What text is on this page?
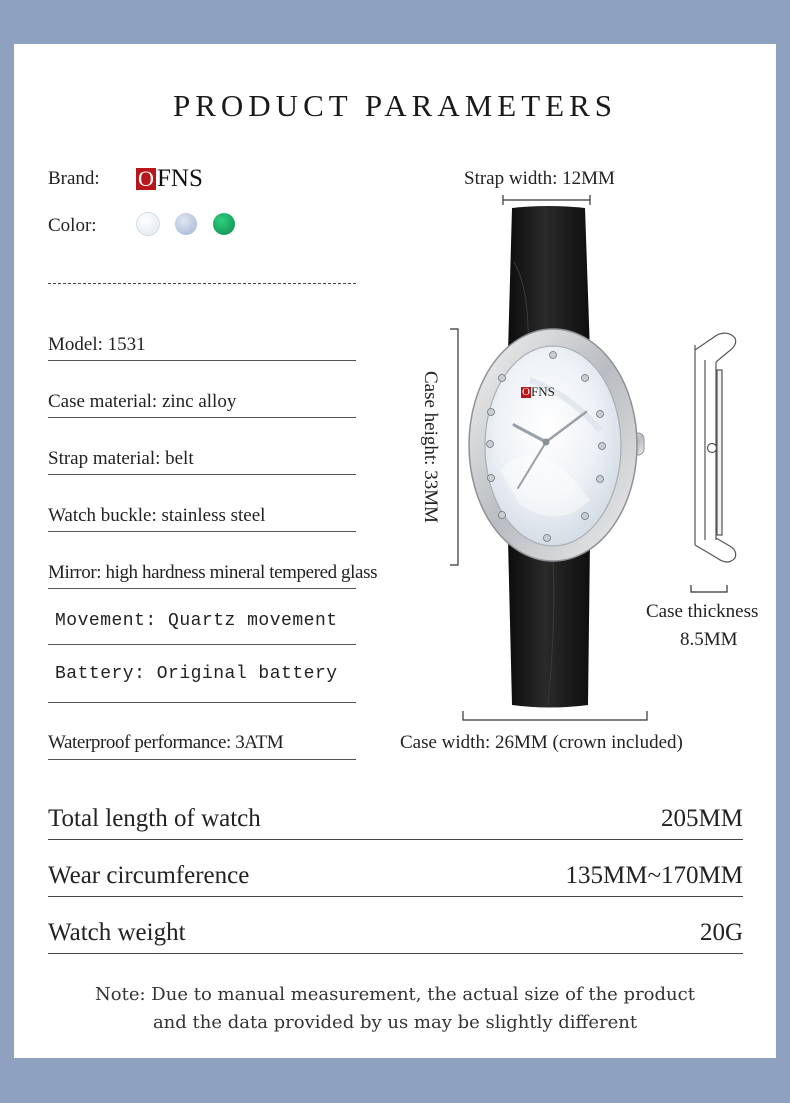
PRODUCT PARAMETERS
Brand: O FNS
Color:
Model: 1531
Case material: zinc alloy
Strap material: belt
Watch buckle: stainless steel
Mirror: high hardness mineral tempered glass
Movement: Quartz movement
Battery: Original battery
Waterproof performance: 3ATM
O FNS
Strap width: 12MM
Case height: 33MM
Case thickness
8.5MM
Case width: 26MM (crown included)
Total length of watch	205MM
Wear circumference	135MM~170MM
Watch weight	20G
Note: Due to manual measurement, the actual size of the product
and the data provided by us may be slightly different
